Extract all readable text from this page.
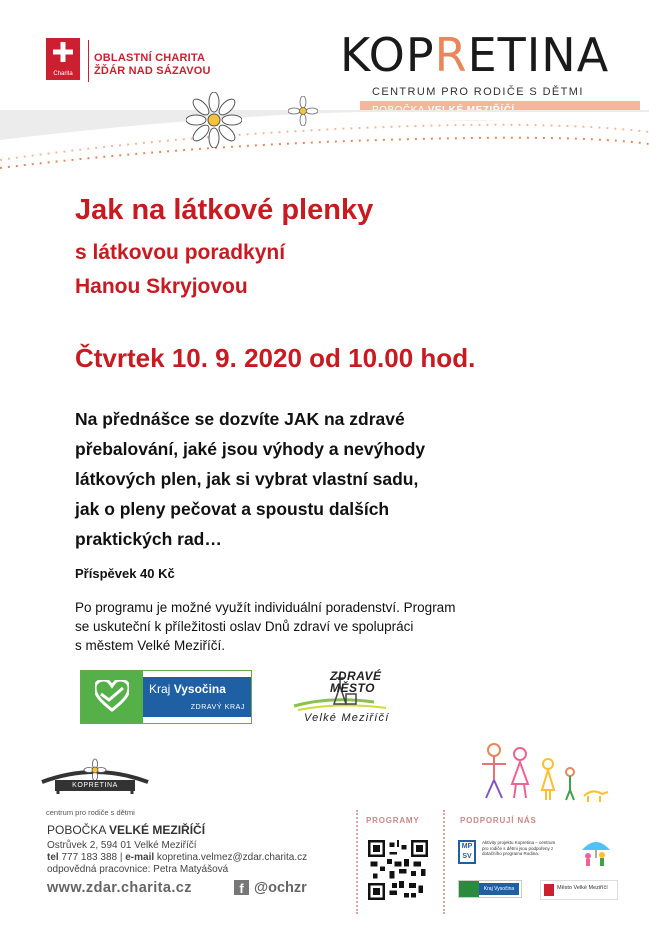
Charita
OBLASTNÍ CHARITA
ŽĎÁR NAD SÁZAVOU	KOPRETINA
CENTRUM PRO RODIČE S DĚTMI
Jak na látkové plenky
s látkovou poradkyní
Hanou Skryjovou
Čtvrtek 10. 9. 2020 od 10.00 hod.
Na přednášce se dozvíte JAK na zdravé
přebalování, jaké jsou výhody a nevýhody
látkových plen, jak si vybrat vlastní sadu,
jak o pleny pečovat a spoustu dalších
praktických rad…
Příspěvek 40 Kč
Po programu je možné využít individuální poradenství. Program
se uskuteční k příležitosti oslav Dnů zdraví ve spolupráci
s městem Velké Meziříčí.
Kraj Vysočina
ZDRAVÝ KRAJ
ZDRAVÉ
MĚSTO
Velké Meziříčí
KOPRETINA
centrum pro rodiče s dětmi
POBOČKA VELKÉ MEZIŘÍČÍ
Ostrůvek 2, 594 01 Velké Meziříčí
tel 777 183 388 | e-mail kopretina.velmez@zdar.charita.cz
odpovědná pracovnice: Petra Matyášová
www.zdar.charita.cz	f @ochzr
PROGRAMY	PODPORUJÍ NÁS
MP SV
Aktivity projektu Kopretina – centrum pro rodiče s dětmi jsou podpořeny z dotačního programu Rodina.
Kraj Vysočina	Město Velké Meziříčí
